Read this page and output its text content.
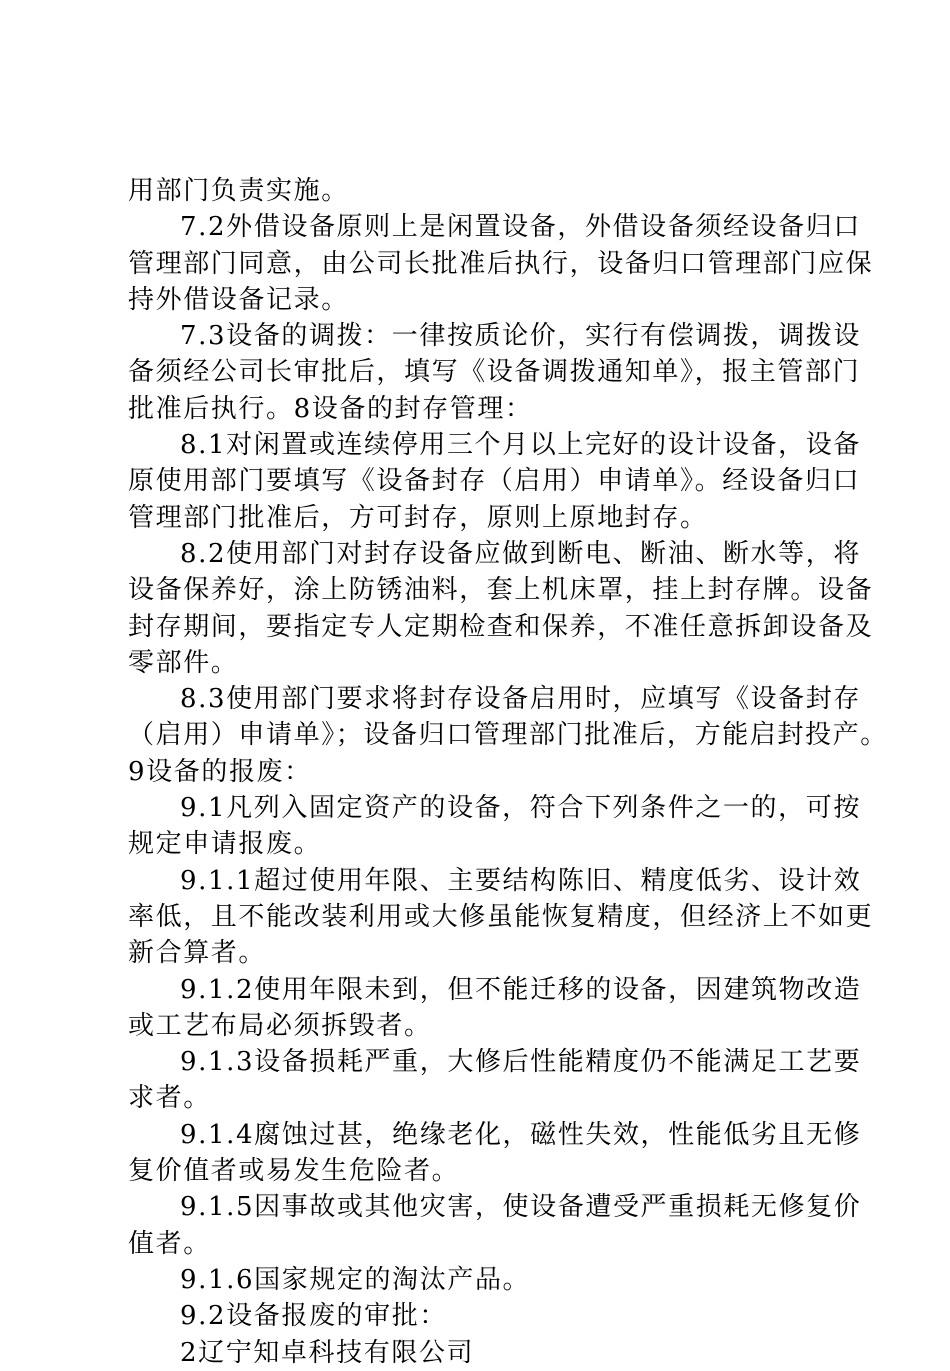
用部门负责实施。
7.2外借设备原则上是闲置设备，外借设备须经设备归口
管理部门同意，由公司长批准后执行，设备归口管理部门应保
持外借设备记录。
7.3设备的调拨：一律按质论价，实行有偿调拨，调拨设
备须经公司长审批后，填写《设备调拨通知单》，报主管部门
批准后执行。8设备的封存管理：
8.1对闲置或连续停用三个月以上完好的设计设备，设备
原使用部门要填写《设备封存（启用）申请单》。经设备归口
管理部门批准后，方可封存，原则上原地封存。
8.2使用部门对封存设备应做到断电、断油、断水等，将
设备保养好，涂上防锈油料，套上机床罩，挂上封存牌。设备
封存期间，要指定专人定期检查和保养，不准任意拆卸设备及
零部件。
8.3使用部门要求将封存设备启用时，应填写《设备封存
（启用）申请单》；设备归口管理部门批准后，方能启封投产。
9设备的报废：
9.1凡列入固定资产的设备，符合下列条件之一的，可按
规定申请报废。
9.1.1超过使用年限、主要结构陈旧、精度低劣、设计效
率低，且不能改装利用或大修虽能恢复精度，但经济上不如更
新合算者。
9.1.2使用年限未到，但不能迁移的设备，因建筑物改造
或工艺布局必须拆毁者。
9.1.3设备损耗严重，大修后性能精度仍不能满足工艺要
求者。
9.1.4腐蚀过甚，绝缘老化，磁性失效，性能低劣且无修
复价值者或易发生危险者。
9.1.5因事故或其他灾害，使设备遭受严重损耗无修复价
值者。
9.1.6国家规定的淘汰产品。
9.2设备报废的审批：
2辽宁知卓科技有限公司
